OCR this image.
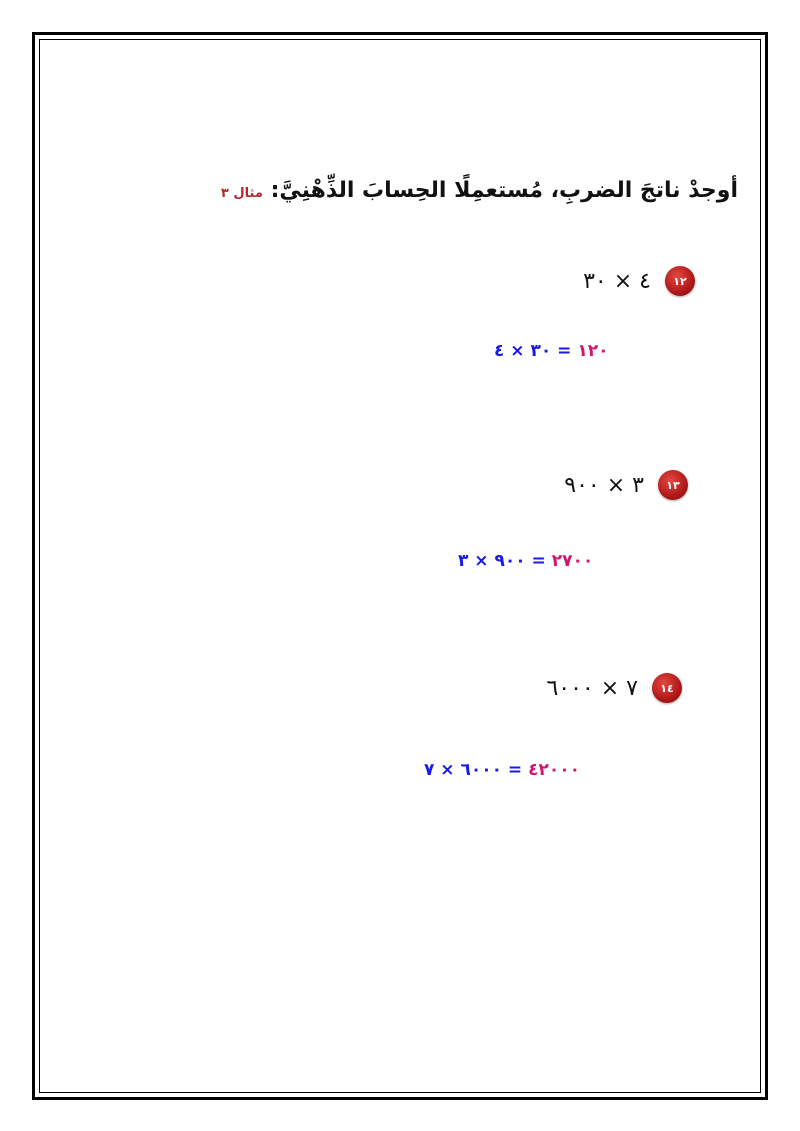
أوجدْ ناتجَ الضربِ، مُستعمِلًا الحِسابَ الذِّهْنِيَّ: مثال ٣
١٢
٤ × ٣٠
١٢٠ = ٣٠ × ٤
١٣
٣ × ٩٠٠
٢٧٠٠ = ٩٠٠ × ٣
١٤
٧ × ٦٠٠٠
٤٢٠٠٠ = ٦٠٠٠ × ٧
